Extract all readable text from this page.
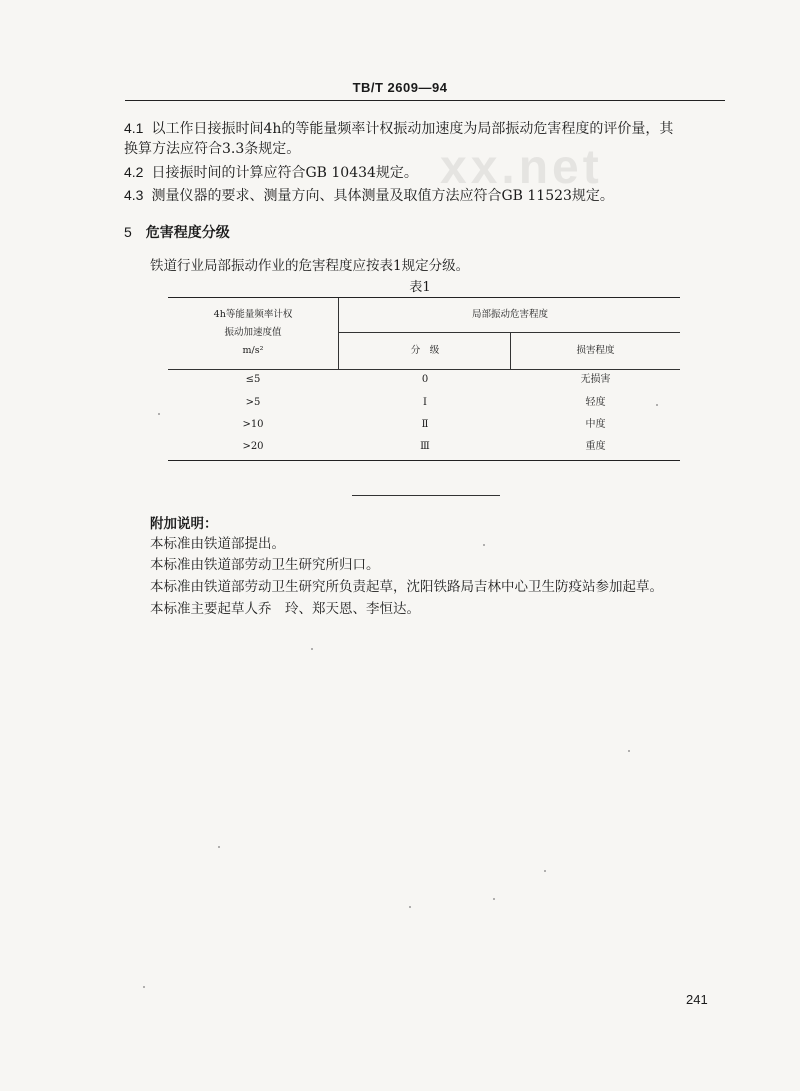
TB/T 2609—94
xx.net
4.1 以工作日接振时间4h的等能量频率计权振动加速度为局部振动危害程度的评价量，其
换算方法应符合3.3条规定。
4.2 日接振时间的计算应符合GB 10434规定。
4.3 测量仪器的要求、测量方向、具体测量及取值方法应符合GB 11523规定。
5 危害程度分级
铁道行业局部振动作业的危害程度应按表1规定分级。
表1
4h等能量频率计权
振动加速度值
m/s²
局部振动危害程度
分　级	损害程度
≤5	0	无损害
>5	Ⅰ	轻度
>10	Ⅱ	中度
>20	Ⅲ	重度
附加说明：
本标准由铁道部提出。
本标准由铁道部劳动卫生研究所归口。
本标准由铁道部劳动卫生研究所负责起草，沈阳铁路局吉林中心卫生防疫站参加起草。
本标准主要起草人乔　玲、郑天恩、李恒达。
241
